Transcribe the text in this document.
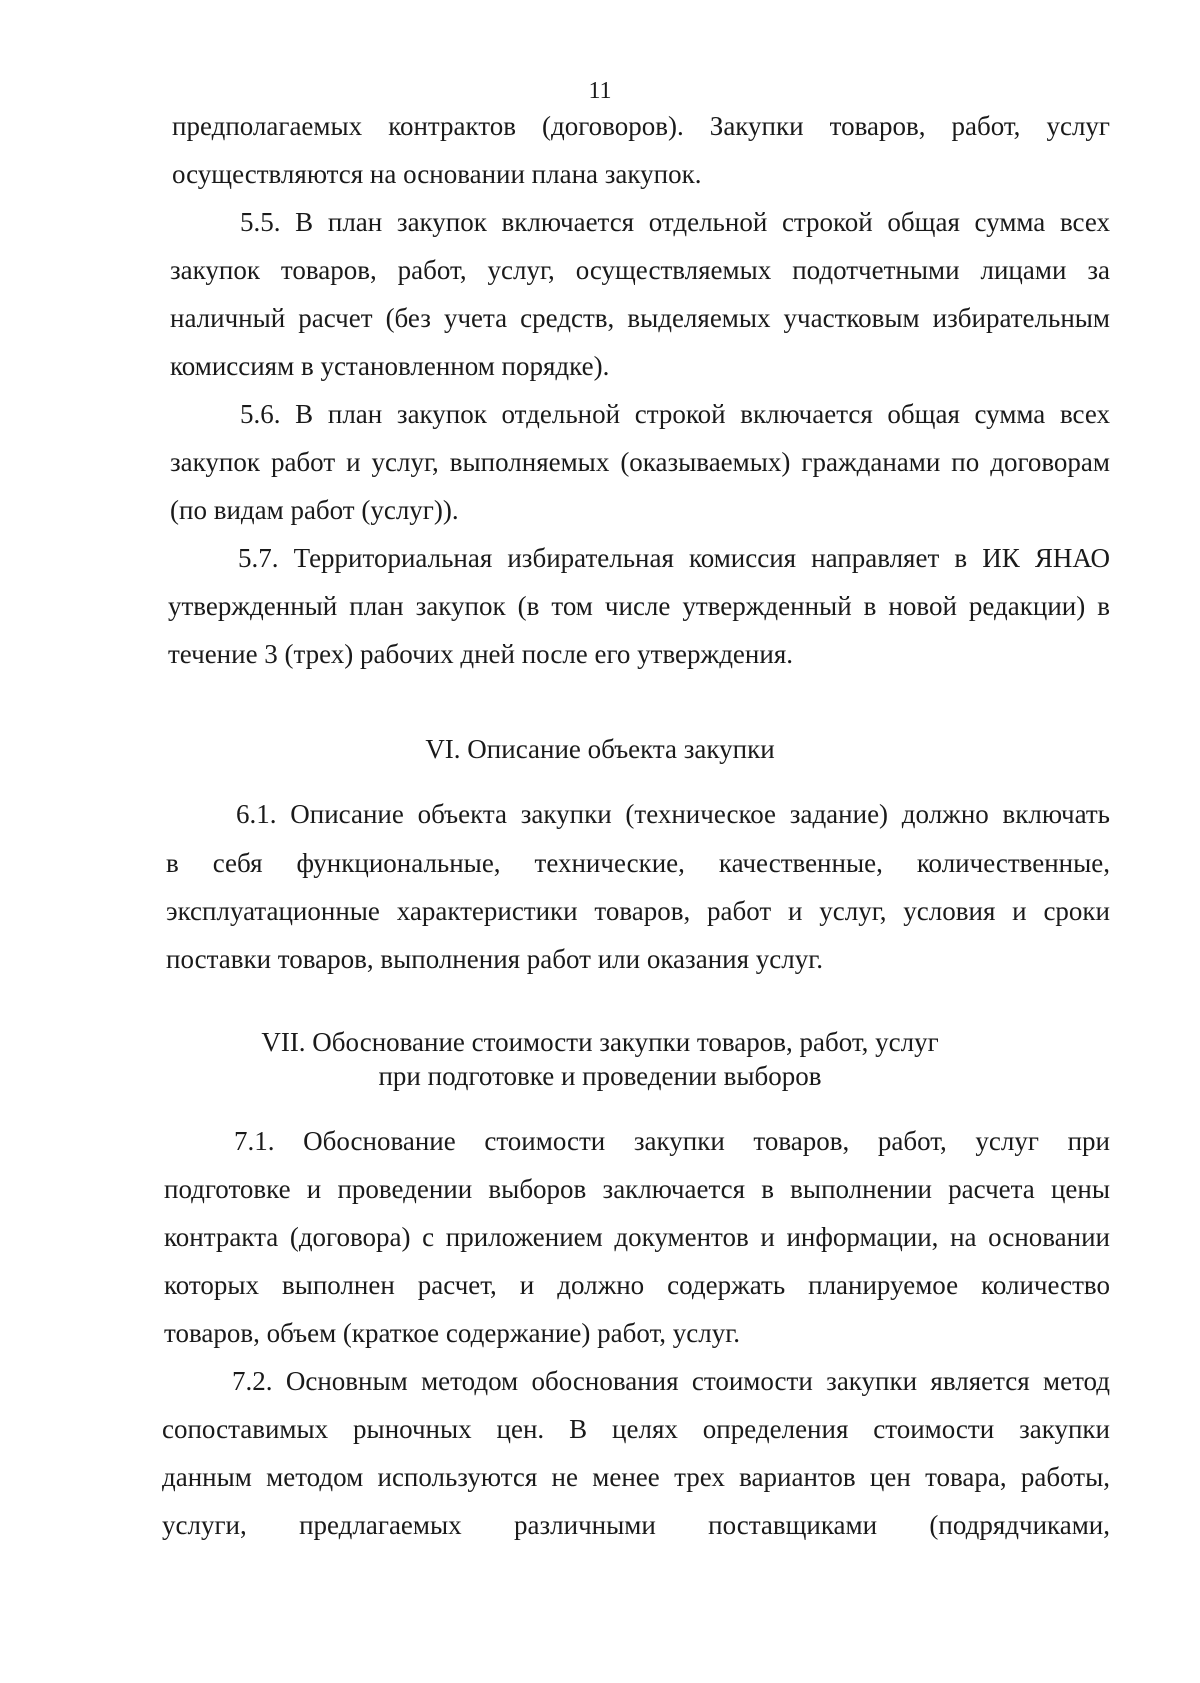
11
предполагаемых контрактов (договоров). Закупки товаров, работ, услуг
осуществляются на основании плана закупок.
5.5. В план закупок включается отдельной строкой общая сумма всех
закупок товаров, работ, услуг, осуществляемых подотчетными лицами за
наличный расчет (без учета средств, выделяемых участковым избирательным
комиссиям в установленном порядке).
5.6. В план закупок отдельной строкой включается общая сумма всех
закупок работ и услуг, выполняемых (оказываемых) гражданами по договорам
(по видам работ (услуг)).
5.7. Территориальная избирательная комиссия направляет в ИК ЯНАО
утвержденный план закупок (в том числе утвержденный в новой редакции) в
течение 3 (трех) рабочих дней после его утверждения.
VI. Описание объекта закупки
6.1. Описание объекта закупки (техническое задание) должно включать
в себя функциональные, технические, качественные, количественные,
эксплуатационные характеристики товаров, работ и услуг, условия и сроки
поставки товаров, выполнения работ или оказания услуг.
VII. Обоснование стоимости закупки товаров, работ, услуг
при подготовке и проведении выборов
7.1. Обоснование стоимости закупки товаров, работ, услуг при
подготовке и проведении выборов заключается в выполнении расчета цены
контракта (договора) с приложением документов и информации, на основании
которых выполнен расчет, и должно содержать планируемое количество
товаров, объем (краткое содержание) работ, услуг.
7.2. Основным методом обоснования стоимости закупки является метод
сопоставимых рыночных цен. В целях определения стоимости закупки
данным методом используются не менее трех вариантов цен товара, работы,
услуги, предлагаемых различными поставщиками (подрядчиками,
